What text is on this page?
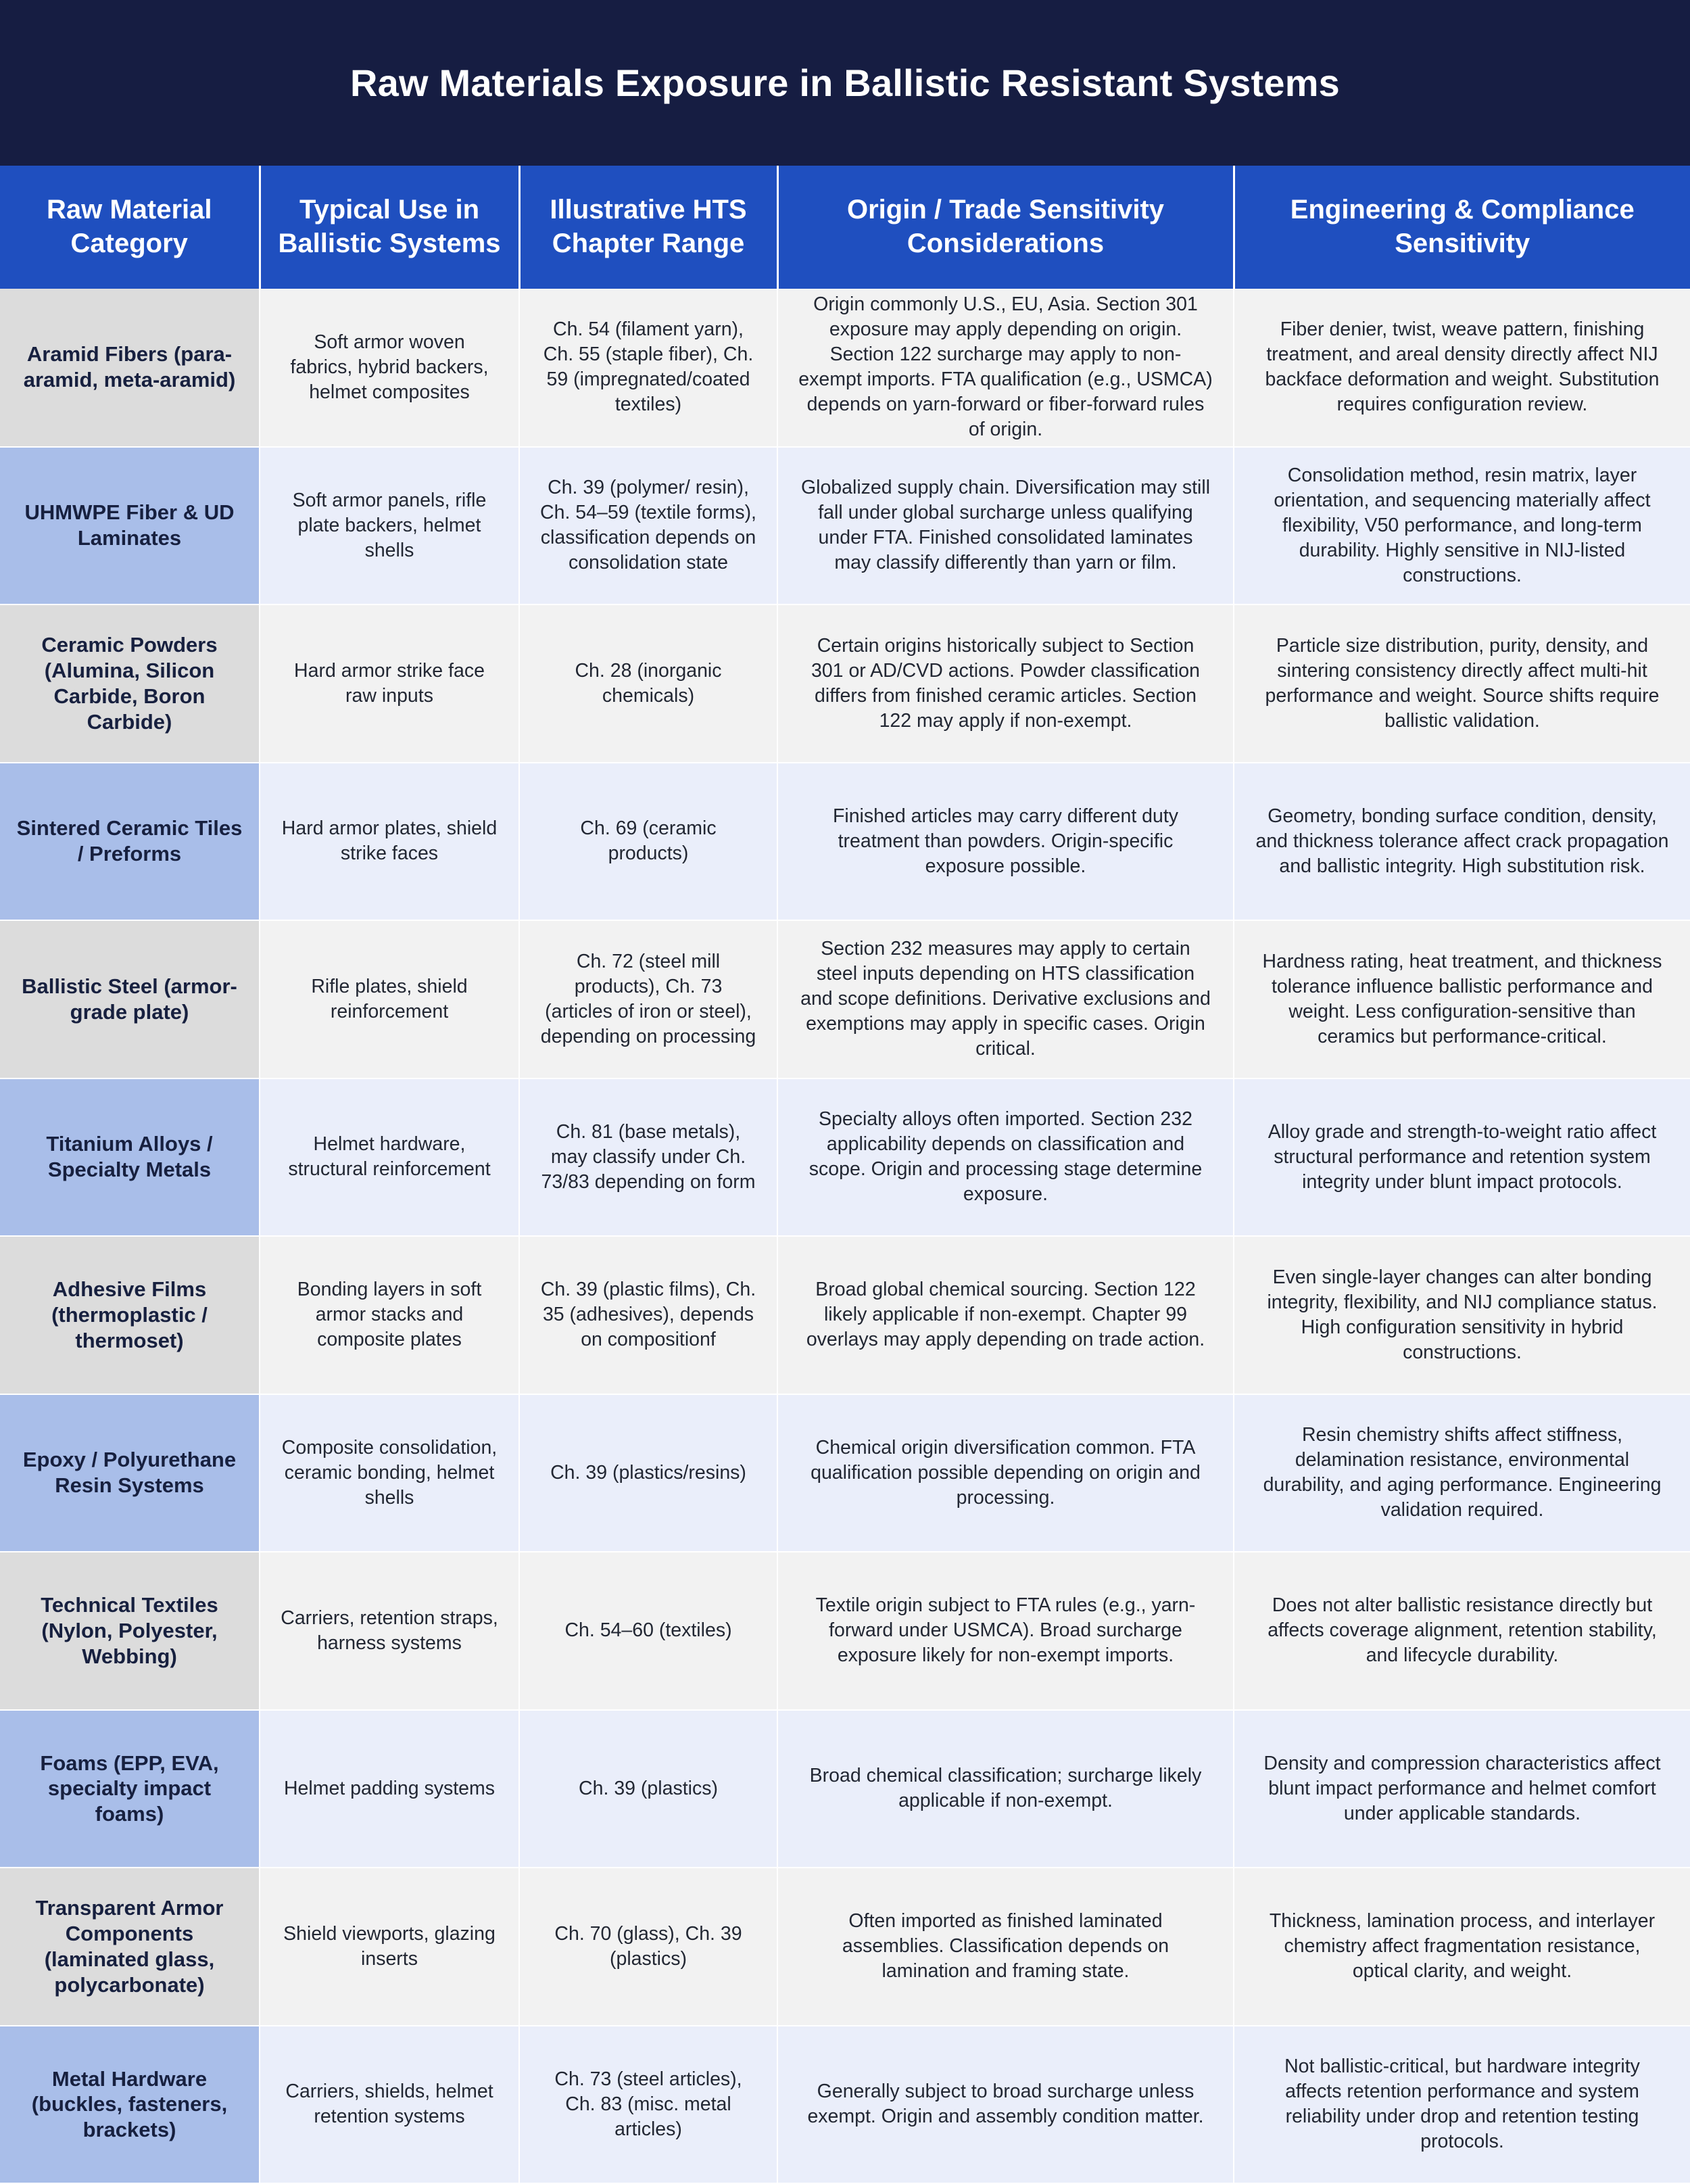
Raw Materials Exposure in Ballistic Resistant Systems
Raw Material Category	Typical Use in Ballistic Systems	Illustrative HTS Chapter Range	Origin / Trade Sensitivity Considerations	Engineering & Compliance Sensitivity
Aramid Fibers (para-aramid, meta-aramid)	Soft armor woven fabrics, hybrid backers, helmet composites	Ch. 54 (filament yarn), Ch. 55 (staple fiber), Ch. 59 (impregnated/coated textiles)	Origin commonly U.S., EU, Asia. Section 301 exposure may apply depending on origin. Section 122 surcharge may apply to non-exempt imports. FTA qualification (e.g., USMCA) depends on yarn-forward or fiber-forward rules of origin.	Fiber denier, twist, weave pattern, finishing treatment, and areal density directly affect NIJ backface deformation and weight. Substitution requires configuration review.
UHMWPE Fiber & UD Laminates	Soft armor panels, rifle plate backers, helmet shells	Ch. 39 (polymer/ resin), Ch. 54–59 (textile forms), classification depends on consolidation state	Globalized supply chain. Diversification may still fall under global surcharge unless qualifying under FTA. Finished consolidated laminates may classify differently than yarn or film.	Consolidation method, resin matrix, layer orientation, and sequencing materially affect flexibility, V50 performance, and long-term durability. Highly sensitive in NIJ-listed constructions.
Ceramic Powders (Alumina, Silicon Carbide, Boron Carbide)	Hard armor strike face raw inputs	Ch. 28 (inorganic chemicals)	Certain origins historically subject to Section 301 or AD/CVD actions. Powder classification differs from finished ceramic articles. Section 122 may apply if non-exempt.	Particle size distribution, purity, density, and sintering consistency directly affect multi-hit performance and weight. Source shifts require ballistic validation.
Sintered Ceramic Tiles / Preforms	Hard armor plates, shield strike faces	Ch. 69 (ceramic products)	Finished articles may carry different duty treatment than powders. Origin-specific exposure possible.	Geometry, bonding surface condition, density, and thickness tolerance affect crack propagation and ballistic integrity. High substitution risk.
Ballistic Steel (armor-grade plate)	Rifle plates, shield reinforcement	Ch. 72 (steel mill products), Ch. 73 (articles of iron or steel), depending on processing	Section 232 measures may apply to certain steel inputs depending on HTS classification and scope definitions. Derivative exclusions and exemptions may apply in specific cases. Origin critical.	Hardness rating, heat treatment, and thickness tolerance influence ballistic performance and weight. Less configuration-sensitive than ceramics but performance-critical.
Titanium Alloys / Specialty Metals	Helmet hardware, structural reinforcement	Ch. 81 (base metals), may classify under Ch. 73/83 depending on form	Specialty alloys often imported. Section 232 applicability depends on classification and scope. Origin and processing stage determine exposure.	Alloy grade and strength-to-weight ratio affect structural performance and retention system integrity under blunt impact protocols.
Adhesive Films (thermoplastic / thermoset)	Bonding layers in soft armor stacks and composite plates	Ch. 39 (plastic films), Ch. 35 (adhesives), depends on compositionf	Broad global chemical sourcing. Section 122 likely applicable if non-exempt. Chapter 99 overlays may apply depending on trade action.	Even single-layer changes can alter bonding integrity, flexibility, and NIJ compliance status. High configuration sensitivity in hybrid constructions.
Epoxy / Polyurethane Resin Systems	Composite consolidation, ceramic bonding, helmet shells	Ch. 39 (plastics/resins)	Chemical origin diversification common. FTA qualification possible depending on origin and processing.	Resin chemistry shifts affect stiffness, delamination resistance, environmental durability, and aging performance. Engineering validation required.
Technical Textiles (Nylon, Polyester, Webbing)	Carriers, retention straps, harness systems	Ch. 54–60 (textiles)	Textile origin subject to FTA rules (e.g., yarn-forward under USMCA). Broad surcharge exposure likely for non-exempt imports.	Does not alter ballistic resistance directly but affects coverage alignment, retention stability, and lifecycle durability.
Foams (EPP, EVA, specialty impact foams)	Helmet padding systems	Ch. 39 (plastics)	Broad chemical classification; surcharge likely applicable if non-exempt.	Density and compression characteristics affect blunt impact performance and helmet comfort under applicable standards.
Transparent Armor Components (laminated glass, polycarbonate)	Shield viewports, glazing inserts	Ch. 70 (glass), Ch. 39 (plastics)	Often imported as finished laminated assemblies. Classification depends on lamination and framing state.	Thickness, lamination process, and interlayer chemistry affect fragmentation resistance, optical clarity, and weight.
Metal Hardware (buckles, fasteners, brackets)	Carriers, shields, helmet retention systems	Ch. 73 (steel articles), Ch. 83 (misc. metal articles)	Generally subject to broad surcharge unless exempt. Origin and assembly condition matter.	Not ballistic-critical, but hardware integrity affects retention performance and system reliability under drop and retention testing protocols.
